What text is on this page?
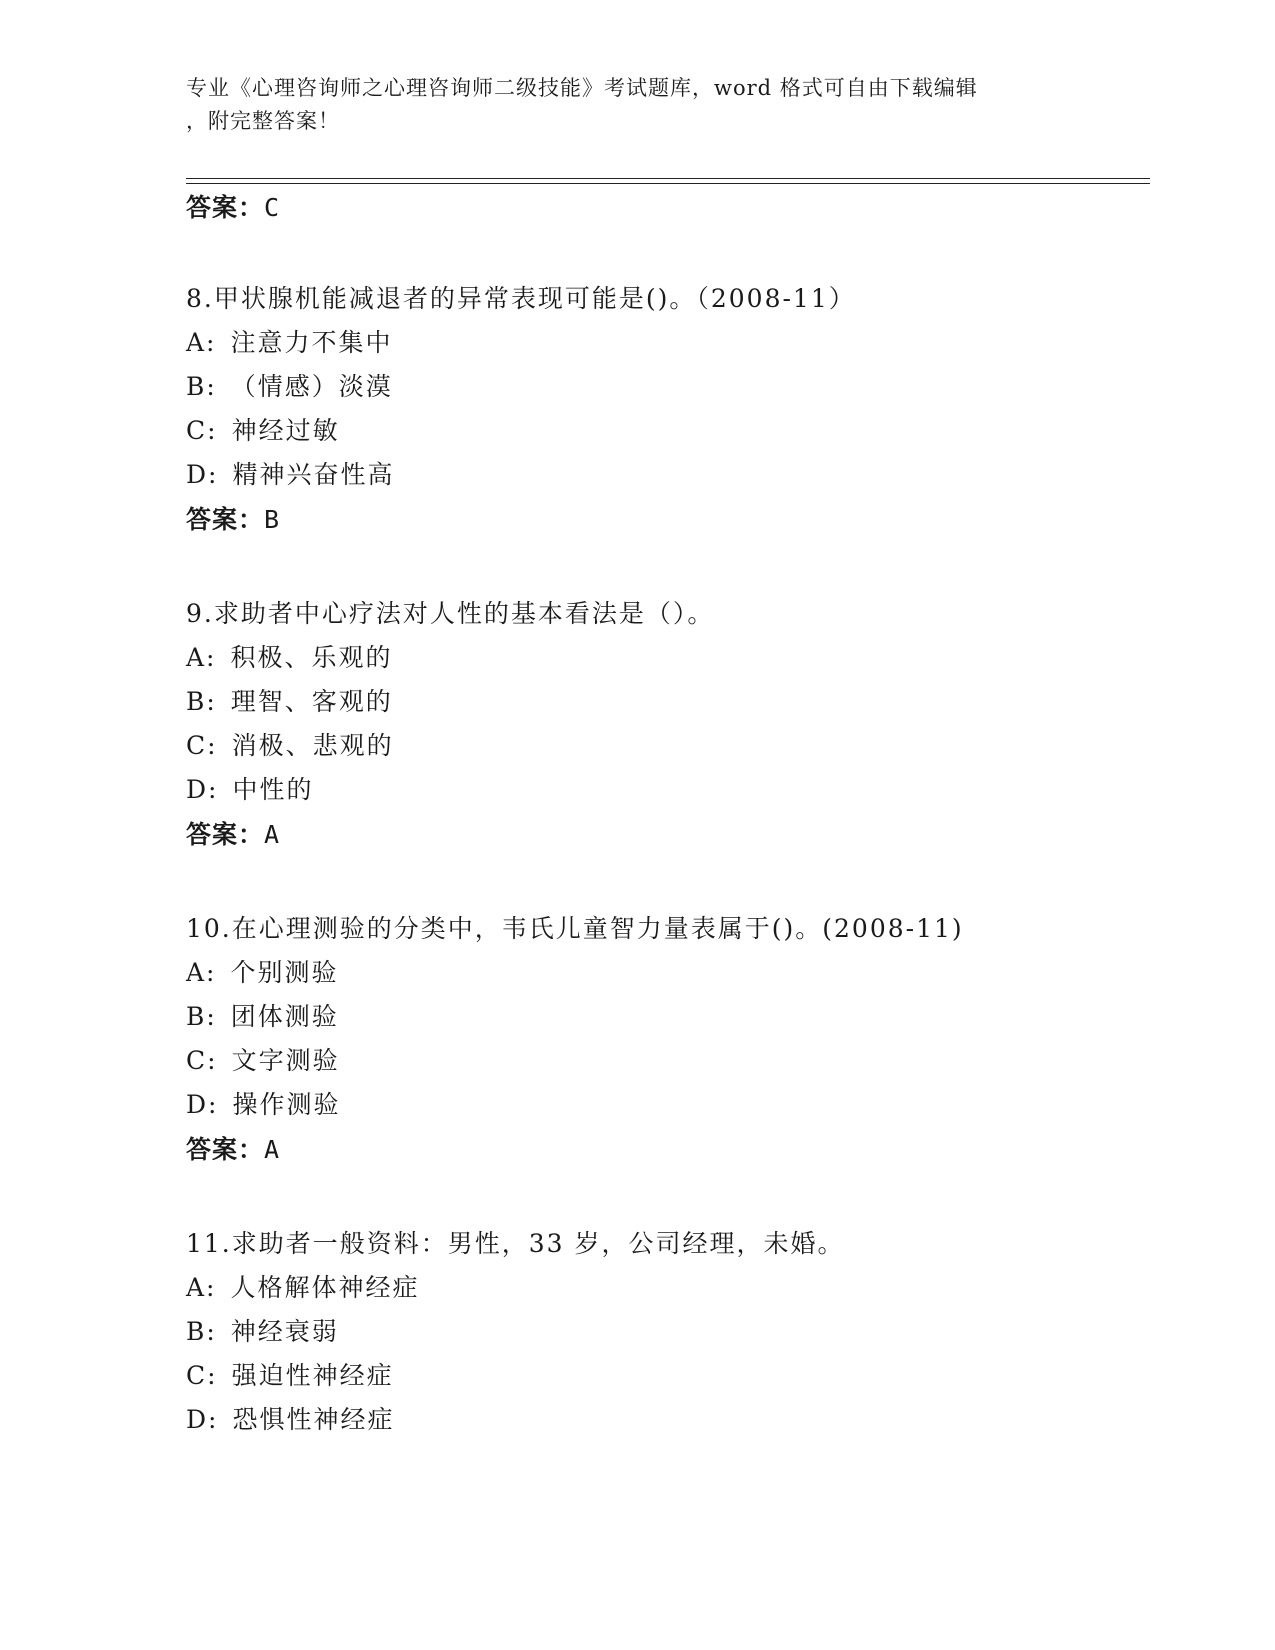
专业《心理咨询师之心理咨询师二级技能》考试题库，word 格式可自由下载编辑
，附完整答案！
答案：C
8.甲状腺机能减退者的异常表现可能是()。（2008-11）
A: 注意力不集中
B: （情感）淡漠
C: 神经过敏
D: 精神兴奋性高
答案：B
9.求助者中心疗法对人性的基本看法是（）。
A: 积极、乐观的
B: 理智、客观的
C: 消极、悲观的
D: 中性的
答案：A
10.在心理测验的分类中，韦氏儿童智力量表属于()。(2008-11)
A: 个别测验
B: 团体测验
C: 文字测验
D: 操作测验
答案：A
11.求助者一般资料：男性，33 岁，公司经理，未婚。
A: 人格解体神经症
B: 神经衰弱
C: 强迫性神经症
D: 恐惧性神经症
